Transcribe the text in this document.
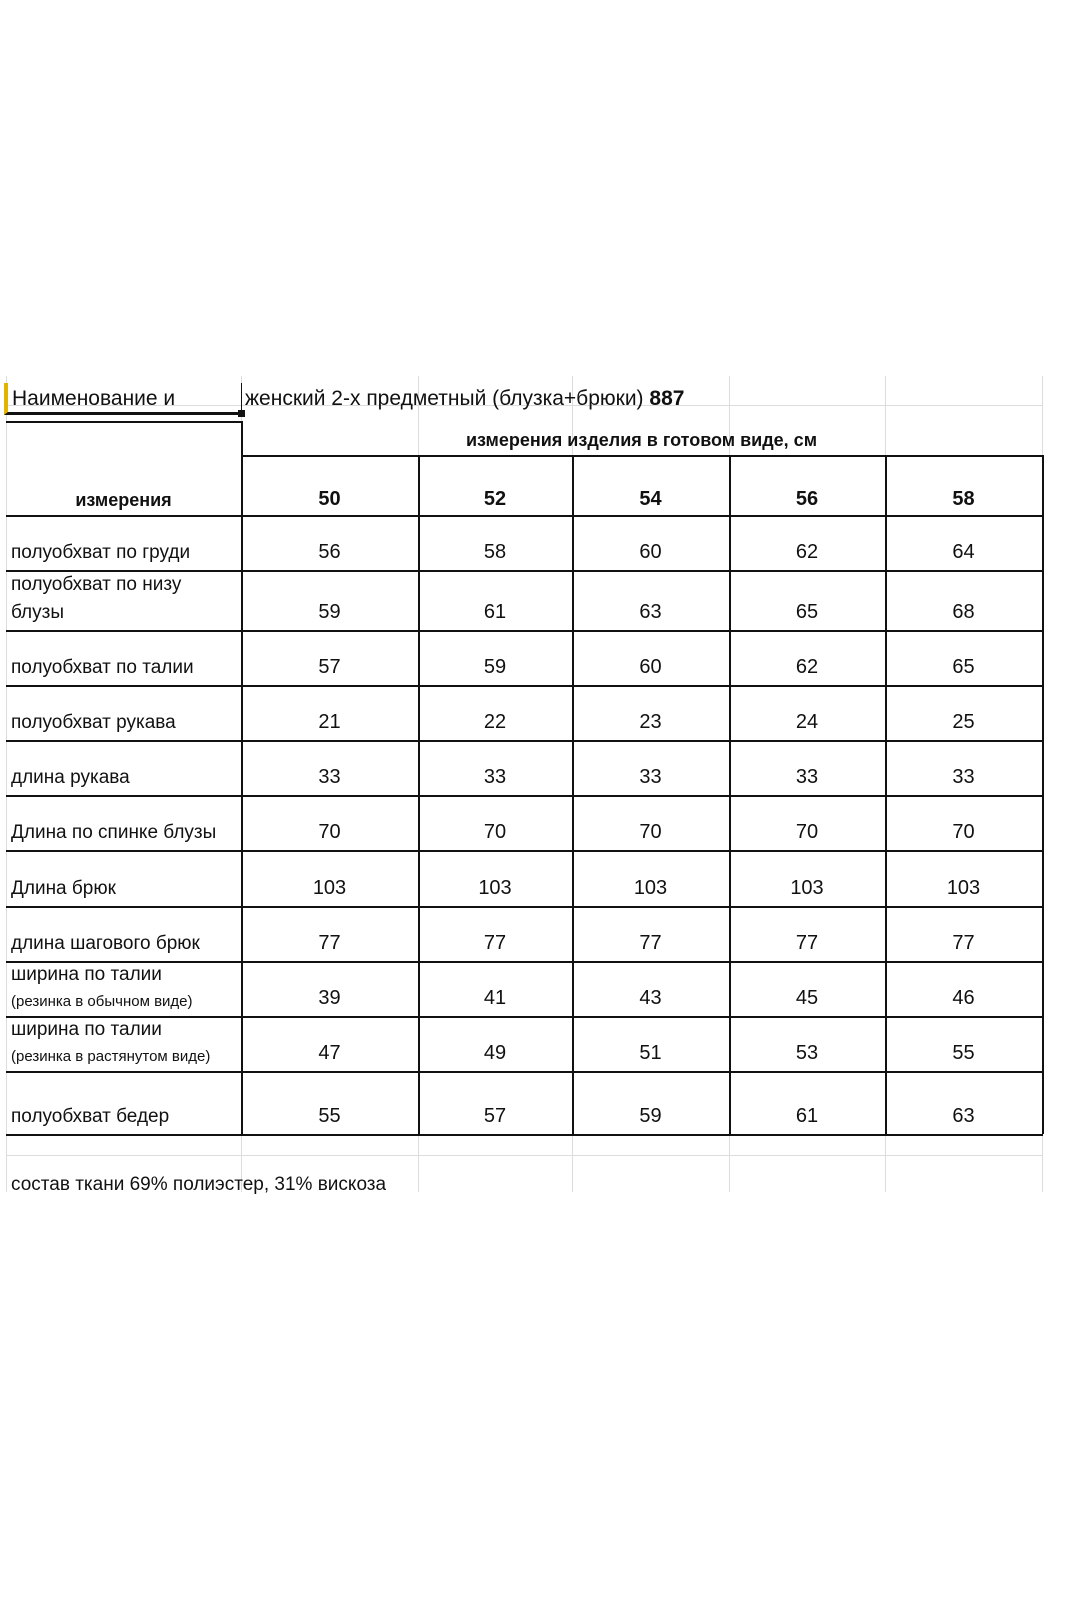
Наименование и	женский 2-х предметный (блузка+брюки) 887
измерения
измерения изделия в готовом виде, см
50	52	54	56	58
полуобхват по груди	56	58	60	62	64
полуобхват по низу
блузы	59	61	63	65	68
полуобхват по талии	57	59	60	62	65
полуобхват рукава	21	22	23	24	25
длина рукава	33	33	33	33	33
Длина по спинке блузы	70	70	70	70	70
Длина брюк	103	103	103	103	103
длина шагового брюк	77	77	77	77	77
ширина по талии
(резинка в обычном виде)	39	41	43	45	46
ширина по талии
(резинка в растянутом виде)	47	49	51	53	55
полуобхват бедер	55	57	59	61	63
состав ткани 69% полиэстер, 31% вискоза
